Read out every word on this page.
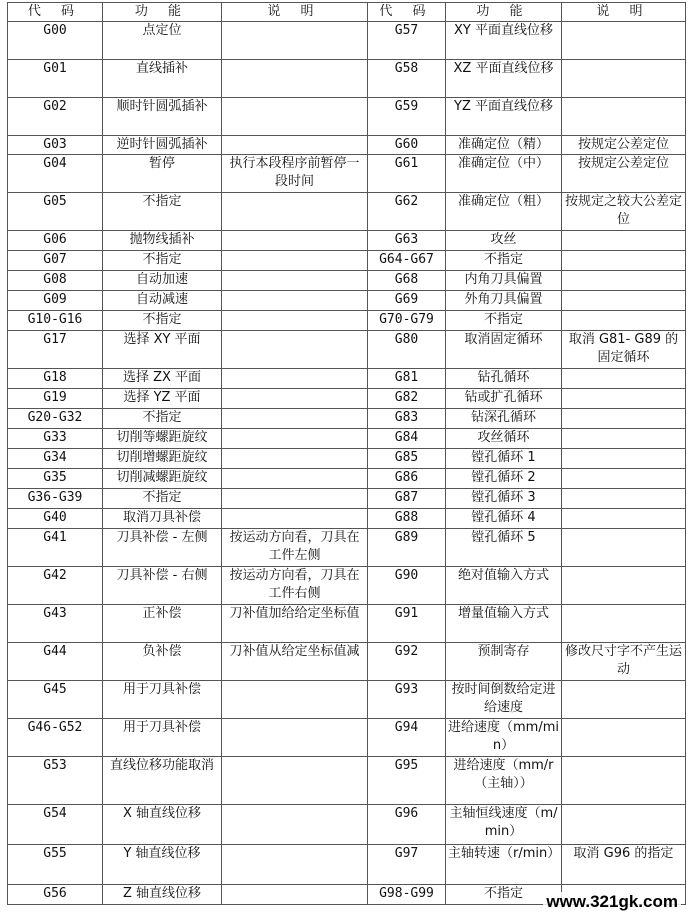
代 码	功 能	说 明	代 码	功 能	说 明
G00	点定位		G57	XY 平面直线位移	
G01	直线插补		G58	XZ 平面直线位移	
G02	顺时针圆弧插补		G59	YZ 平面直线位移	
G03	逆时针圆弧插补		G60	准确定位（精）	按规定公差定位
G04	暂停	执行本段程序前暂停一段时间	G61	准确定位（中）	按规定公差定位
G05	不指定		G62	准确定位（粗）	按规定之较大公差定位
G06	抛物线插补		G63	攻丝	
G07	不指定		G64-G67	不指定	
G08	自动加速		G68	内角刀具偏置	
G09	自动减速		G69	外角刀具偏置	
G10-G16	不指定		G70-G79	不指定	
G17	选择 XY 平面		G80	取消固定循环	取消 G81- G89 的固定循环
G18	选择 ZX 平面		G81	钻孔循环	
G19	选择 YZ 平面		G82	钻或扩孔循环	
G20-G32	不指定		G83	钻深孔循环	
G33	切削等螺距旋纹		G84	攻丝循环	
G34	切削增螺距旋纹		G85	镗孔循环 1	
G35	切削减螺距旋纹		G86	镗孔循环 2	
G36-G39	不指定		G87	镗孔循环 3	
G40	取消刀具补偿		G88	镗孔循环 4	
G41	刀具补偿 - 左侧	按运动方向看，刀具在工件左侧	G89	镗孔循环 5	
G42	刀具补偿 - 右侧	按运动方向看，刀具在工件右侧	G90	绝对值输入方式	
G43	正补偿	刀补值加给给定坐标值	G91	增量值输入方式	
G44	负补偿	刀补值从给定坐标值减	G92	预制寄存	修改尺寸字不产生运动
G45	用于刀具补偿		G93	按时间倒数给定进给速度	
G46-G52	用于刀具补偿		G94	进给速度（mm/min）	
G53	直线位移功能取消		G95	进给速度（mm/r（主轴））	
G54	X 轴直线位移		G96	主轴恒线速度（m/min）	
G55	Y 轴直线位移		G97	主轴转速（r/min）	取消 G96 的指定
G56	Z 轴直线位移		G98-G99	不指定	www.321gk.com
